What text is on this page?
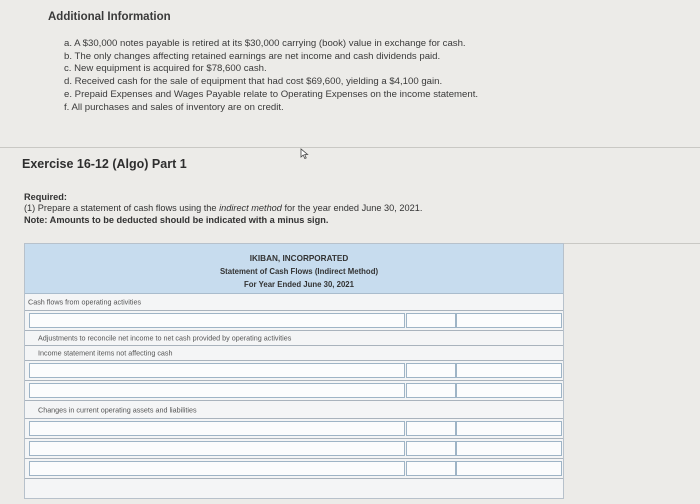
Additional Information
a. A $30,000 notes payable is retired at its $30,000 carrying (book) value in exchange for cash.
b. The only changes affecting retained earnings are net income and cash dividends paid.
c. New equipment is acquired for $78,600 cash.
d. Received cash for the sale of equipment that had cost $69,600, yielding a $4,100 gain.
e. Prepaid Expenses and Wages Payable relate to Operating Expenses on the income statement.
f. All purchases and sales of inventory are on credit.
Exercise 16-12 (Algo) Part 1
Required:
(1) Prepare a statement of cash flows using the indirect method for the year ended June 30, 2021.
Note: Amounts to be deducted should be indicated with a minus sign.
IKIBAN, INCORPORATED
Statement of Cash Flows (Indirect Method)
For Year Ended June 30, 2021
Cash flows from operating activities
Adjustments to reconcile net income to net cash provided by operating activities
Income statement items not affecting cash
Changes in current operating assets and liabilities
